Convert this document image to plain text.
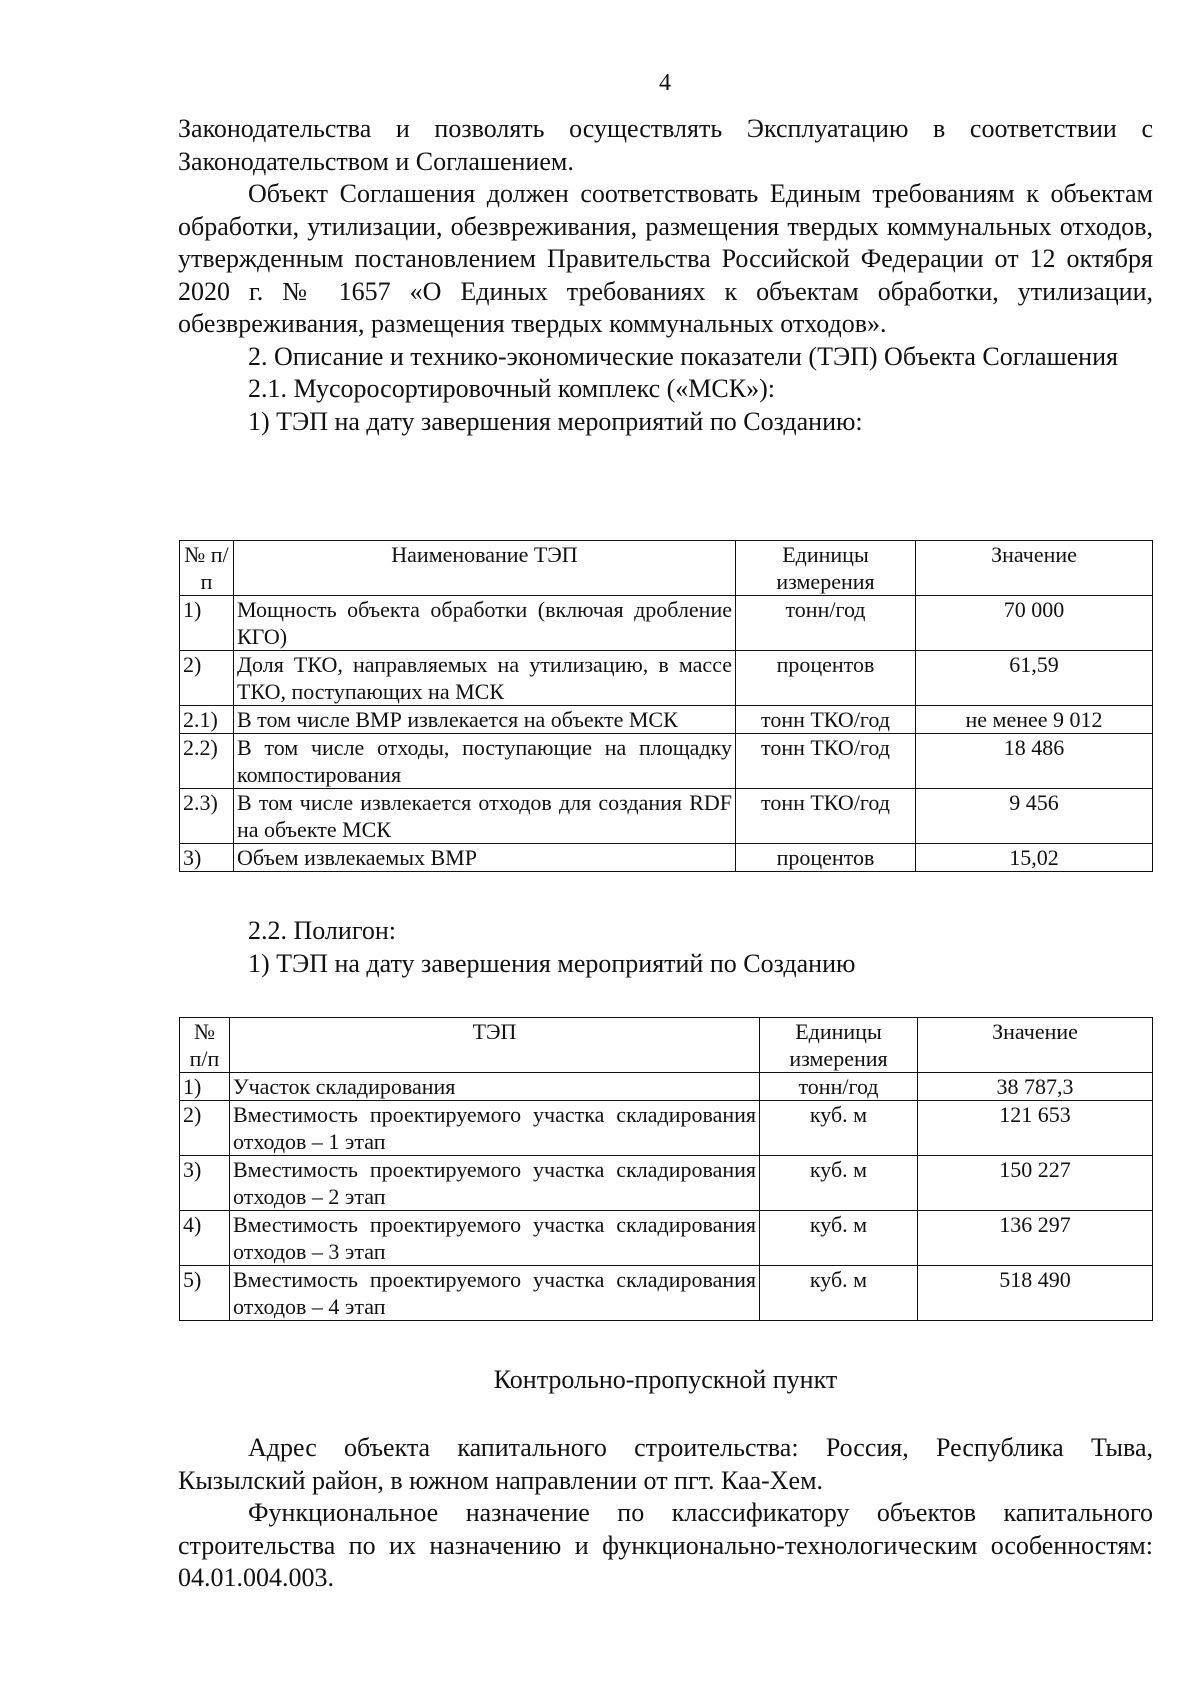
4

Законодательства и позволять осуществлять Эксплуатацию в соответствии с Законодательством и Соглашением.

Объект Соглашения должен соответствовать Единым требованиям к объектам обработки, утилизации, обезвреживания, размещения твердых коммунальных отходов, утвержденным постановлением Правительства Российской Федерации от 12 октября 2020 г. № 1657 «О Единых требованиях к объектам обработки, утилизации, обезвреживания, размещения твердых коммунальных отходов».

2. Описание и технико-экономические показатели (ТЭП) Объекта Соглашения

2.1. Мусоросортировочный комплекс («МСК»):

1) ТЭП на дату завершения мероприятий по Созданию:

№ п/п	Наименование ТЭП	Единицы измерения	Значение
1)	Мощность объекта обработки (включая дробление КГО)	тонн/год	70 000
2)	Доля ТКО, направляемых на утилизацию, в массе ТКО, поступающих на МСК	процентов	61,59
2.1)	В том числе ВМР извлекается на объекте МСК	тонн ТКО/год	не менее 9 012
2.2)	В том числе отходы, поступающие на площадку компостирования	тонн ТКО/год	18 486
2.3)	В том числе извлекается отходов для создания RDF на объекте МСК	тонн ТКО/год	9 456
3)	Объем извлекаемых ВМР	процентов	15,02

2.2. Полигон:

1) ТЭП на дату завершения мероприятий по Созданию

№ п/п	ТЭП	Единицы измерения	Значение
1)	Участок складирования	тонн/год	38 787,3
2)	Вместимость проектируемого участка складирования отходов – 1 этап	куб. м	121 653
3)	Вместимость проектируемого участка складирования отходов – 2 этап	куб. м	150 227
4)	Вместимость проектируемого участка складирования отходов – 3 этап	куб. м	136 297
5)	Вместимость проектируемого участка складирования отходов – 4 этап	куб. м	518 490
Контрольно-пропускной пункт

Адрес объекта капитального строительства: Россия, Республика Тыва, Кызылский район, в южном направлении от пгт. Каа-Хем.

Функциональное назначение по классификатору объектов капитального строительства по их назначению и функционально-технологическим особенностям: 04.01.004.003.
